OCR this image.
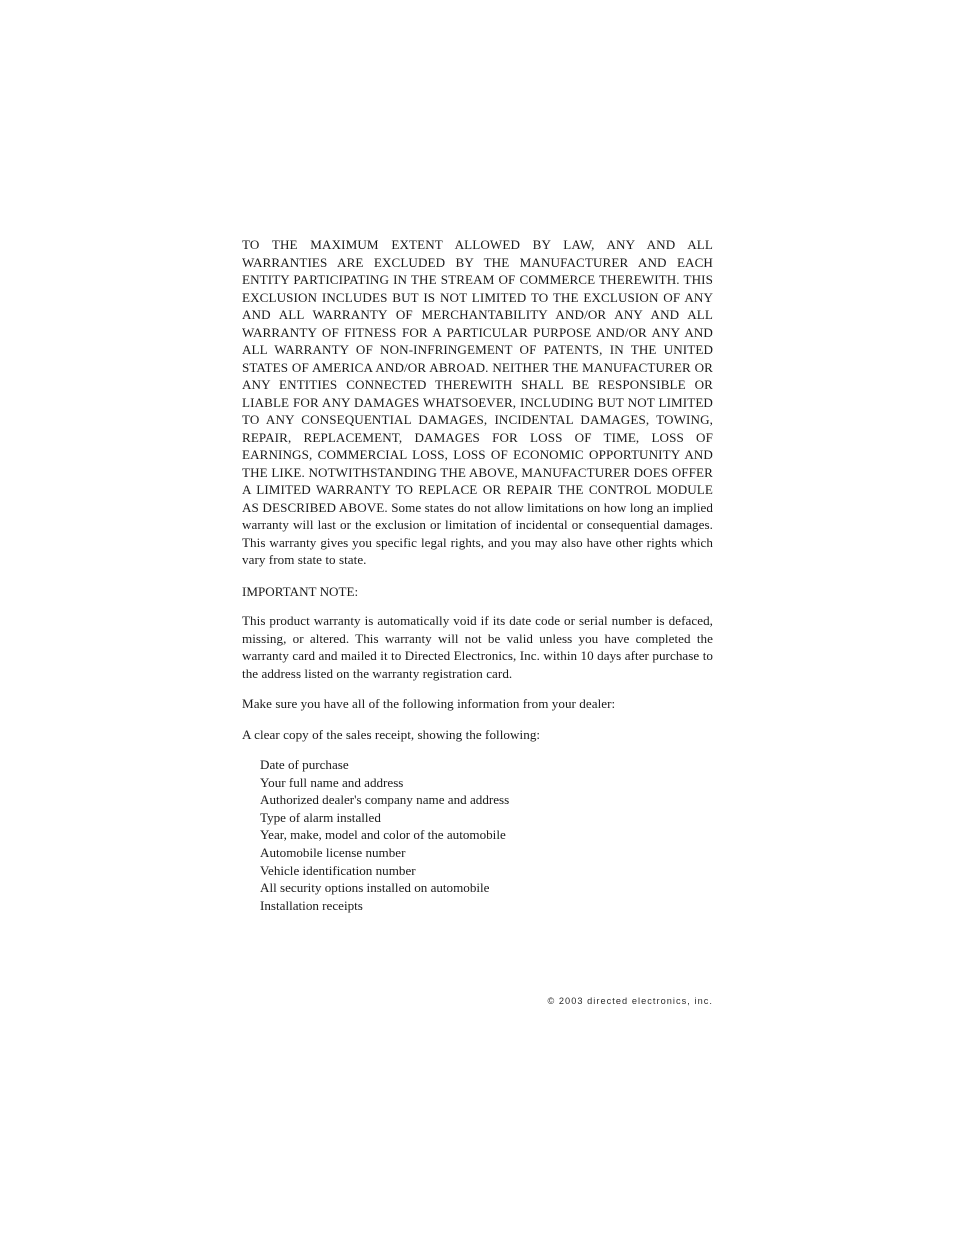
TO THE MAXIMUM EXTENT ALLOWED BY LAW, ANY AND ALL WARRANTIES ARE EXCLUDED BY THE MANUFACTURER AND EACH ENTITY PARTICIPATING IN THE STREAM OF COMMERCE THEREWITH. THIS EXCLUSION INCLUDES BUT IS NOT LIMITED TO THE EXCLUSION OF ANY AND ALL WARRANTY OF MERCHANTABILITY AND/OR ANY AND ALL WARRANTY OF FITNESS FOR A PARTICULAR PURPOSE AND/OR ANY AND ALL WARRANTY OF NON-INFRINGEMENT OF PATENTS, IN THE UNITED STATES OF AMERICA AND/OR ABROAD. NEITHER THE MANUFACTURER OR ANY ENTITIES CONNECTED THEREWITH SHALL BE RESPONSIBLE OR LIABLE FOR ANY DAMAGES WHATSOEVER, INCLUDING BUT NOT LIMITED TO ANY CONSEQUENTIAL DAMAGES, INCIDENTAL DAMAGES, TOWING, REPAIR, REPLACEMENT, DAMAGES FOR LOSS OF TIME, LOSS OF EARNINGS, COMMERCIAL LOSS, LOSS OF ECONOMIC OPPORTUNITY AND THE LIKE. NOTWITHSTANDING THE ABOVE, MANUFACTURER DOES OFFER A LIMITED WARRANTY TO REPLACE OR REPAIR THE CONTROL MODULE AS DESCRIBED ABOVE. Some states do not allow limitations on how long an implied warranty will last or the exclusion or limitation of incidental or consequential damages. This warranty gives you specific legal rights, and you may also have other rights which vary from state to state.

IMPORTANT NOTE:

This product warranty is automatically void if its date code or serial number is defaced, missing, or altered. This warranty will not be valid unless you have completed the warranty card and mailed it to Directed Electronics, Inc. within 10 days after purchase to the address listed on the warranty registration card.

Make sure you have all of the following information from your dealer:

A clear copy of the sales receipt, showing the following:

Date of purchase
Your full name and address
Authorized dealer's company name and address
Type of alarm installed
Year, make, model and color of the automobile
Automobile license number
Vehicle identification number
All security options installed on automobile
Installation receipts
© 2003 directed electronics, inc.
